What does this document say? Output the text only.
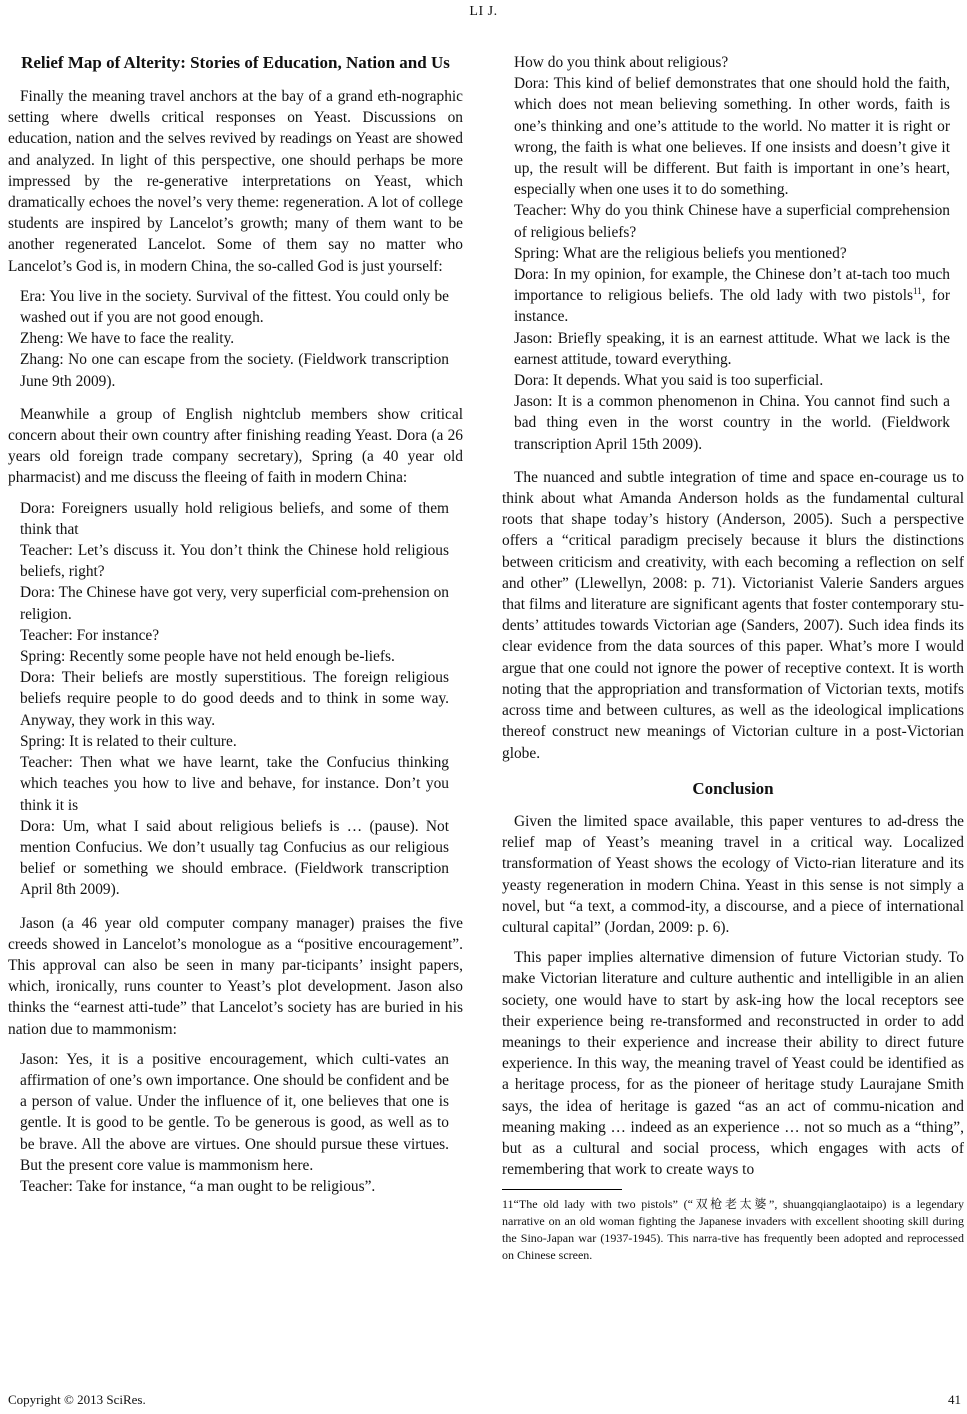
LI J.
Relief Map of Alterity: Stories of Education, Nation and Us

Finally the meaning travel anchors at the bay of a grand eth-nographic setting where dwells critical responses on Yeast. Discussions on education, nation and the selves revived by readings on Yeast are showed and analyzed. In light of this perspective, one should perhaps be more impressed by the re-generative interpretations on Yeast, which dramatically echoes the novel’s very theme: regeneration. A lot of college students are inspired by Lancelot’s growth; many of them want to be another regenerated Lancelot. Some of them say no matter who Lancelot’s God is, in modern China, the so-called God is just yourself:

Era: You live in the society. Survival of the fittest. You could only be washed out if you are not good enough.
Zheng: We have to face the reality.
Zhang: No one can escape from the society. (Fieldwork transcription June 9th 2009).

Meanwhile a group of English nightclub members show critical concern about their own country after finishing reading Yeast. Dora (a 26 years old foreign trade company secretary), Spring (a 40 year old pharmacist) and me discuss the fleeing of faith in modern China:

Dora: Foreigners usually hold religious beliefs, and some of them think that
Teacher: Let’s discuss it. You don’t think the Chinese hold religious beliefs, right?
Dora: The Chinese have got very, very superficial com-prehension on religion.
Teacher: For instance?
Spring: Recently some people have not held enough be-liefs.
Dora: Their beliefs are mostly superstitious. The foreign religious beliefs require people to do good deeds and to think in some way. Anyway, they work in this way.
Spring: It is related to their culture.
Teacher: Then what we have learnt, take the Confucius thinking which teaches you how to live and behave, for instance. Don’t you think it is
Dora: Um, what I said about religious beliefs is … (pause). Not mention Confucius. We don’t usually tag Confucius as our religious belief or something we should embrace. (Fieldwork transcription April 8th 2009).

Jason (a 46 year old computer company manager) praises the five creeds showed in Lancelot’s monologue as a “positive encouragement”. This approval can also be seen in many par-ticipants’ insight papers, which, ironically, runs counter to Yeast’s plot development. Jason also thinks the “earnest atti-tude” that Lancelot’s society has are buried in his nation due to mammonism:

Jason: Yes, it is a positive encouragement, which culti-vates an affirmation of one’s own importance. One should be confident and be a person of value. Under the influence of it, one believes that one is gentle. It is good to be gentle. To be generous is good, as well as to be brave. All the above are virtues. One should pursue these virtues. But the present core value is mammonism here.
Teacher: Take for instance, “a man ought to be religious”.
How do you think about religious?
Dora: This kind of belief demonstrates that one should hold the faith, which does not mean believing something. In other words, faith is one’s thinking and one’s attitude to the world. No matter it is right or wrong, the faith is what one believes. If one insists and doesn’t give it up, the result will be different. But faith is important in one’s heart, especially when one uses it to do something.
Teacher: Why do you think Chinese have a superficial comprehension of religious beliefs?
Spring: What are the religious beliefs you mentioned?
Dora: In my opinion, for example, the Chinese don’t at-tach too much importance to religious beliefs. The old lady with two pistols$^{11}$, for instance.
Jason: Briefly speaking, it is an earnest attitude. What we lack is the earnest attitude, toward everything.
Dora: It depends. What you said is too superficial.
Jason: It is a common phenomenon in China. You cannot find such a bad thing even in the worst country in the world. (Fieldwork transcription April 15th 2009).

The nuanced and subtle integration of time and space en-courage us to think about what Amanda Anderson holds as the fundamental cultural roots that shape today’s history (Anderson, 2005). Such a perspective offers a “critical paradigm precisely because it blurs the distinctions between criticism and creativity, with each becoming a reflection on self and other” (Llewellyn, 2008: p. 71). Victorianist Valerie Sanders argues that films and literature are significant agents that foster contemporary stu-dents’ attitudes towards Victorian age (Sanders, 2007). Such idea finds its clear evidence from the data sources of this paper. What’s more I would argue that one could not ignore the power of receptive context. It is worth noting that the appropriation and transformation of Victorian texts, motifs across time and between cultures, as well as the ideological implications thereof construct new meanings of Victorian culture in a post-Victorian globe.

Conclusion

Given the limited space available, this paper ventures to ad-dress the relief map of Yeast’s meaning travel in a critical way. Localized transformation of Yeast shows the ecology of Victo-rian literature and its yeasty regeneration in modern China. Yeast in this sense is not simply a novel, but “a text, a commod-ity, a discourse, and a piece of international cultural capital” (Jordan, 2009: p. 6).

This paper implies alternative dimension of future Victorian study. To make Victorian literature and culture authentic and intelligible in an alien society, one would have to start by ask-ing how the local receptors see their experience being re-transformed and reconstructed in order to add meanings to their experience and increase their ability to direct future experience. In this way, the meaning travel of Yeast could be identified as a heritage process, for as the pioneer of heritage study Laurajane Smith says, the idea of heritage is gazed “as an act of commu-nication and meaning making … indeed as an experience … not so much as a “thing”, but as a cultural and social process, which engages with acts of remembering that work to create ways to

11“The old lady with two pistols” (“双枪老太婆”, shuangqianglaotaipo) is a legendary narrative on an old woman fighting the Japanese invaders with excellent shooting skill during the Sino-Japan war (1937-1945). This narra-tive has frequently been adopted and reprocessed on Chinese screen.
Copyright © 2013 SciRes.	41
